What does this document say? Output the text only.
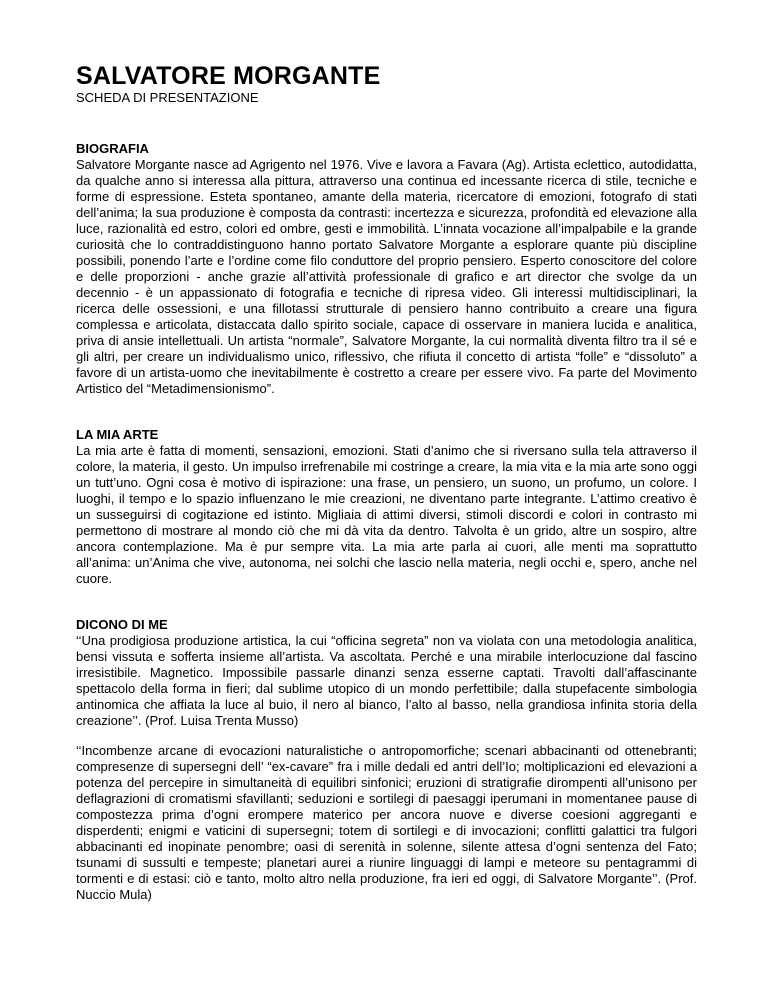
SALVATORE MORGANTE

SCHEDA DI PRESENTAZIONE

BIOGRAFIA

Salvatore Morgante nasce ad Agrigento nel 1976. Vive e lavora a Favara (Ag). Artista eclettico, autodidatta, da qualche anno si interessa alla pittura, attraverso una continua ed incessante ricerca di stile, tecniche e forme di espressione. Esteta spontaneo, amante della materia, ricercatore di emozioni, fotografo di stati dell’anima; la sua produzione è composta da contrasti: incertezza e sicurezza, profondità ed elevazione alla luce, razionalità ed estro, colori ed ombre, gesti e immobilità. L’innata vocazione all’impalpabile e la grande curiosità che lo contraddistinguono hanno portato Salvatore Morgante a esplorare quante più discipline possibili, ponendo l’arte e l’ordine come filo conduttore del proprio pensiero. Esperto conoscitore del colore e delle proporzioni - anche grazie all’attività professionale di grafico e art director che svolge da un decennio - è un appassionato di fotografia e tecniche di ripresa video. Gli interessi multidisciplinari, la ricerca delle ossessioni, e una fillotassi strutturale di pensiero hanno contribuito a creare una figura complessa e articolata, distaccata dallo spirito sociale, capace di osservare in maniera lucida e analitica, priva di ansie intellettuali. Un artista “normale”, Salvatore Morgante, la cui normalità diventa filtro tra il sé e gli altri, per creare un individualismo unico, riflessivo, che rifiuta il concetto di artista “folle” e “dissoluto” a favore di un artista-uomo che inevitabilmente è costretto a creare per essere vivo. Fa parte del Movimento Artistico del “Metadimensionismo”.

LA MIA ARTE

La mia arte è fatta di momenti, sensazioni, emozioni. Stati d’animo che si riversano sulla tela attraverso il colore, la materia, il gesto. Un impulso irrefrenabile mi costringe a creare, la mia vita e la mia arte sono oggi un tutt’uno. Ogni cosa è motivo di ispirazione: una frase, un pensiero, un suono, un profumo, un colore. I luoghi, il tempo e lo spazio influenzano le mie creazioni, ne diventano parte integrante. L’attimo creativo è un susseguirsi di cogitazione ed istinto. Migliaia di attimi diversi, stimoli discordi e colori in contrasto mi permettono di mostrare al mondo ciò che mi dà vita da dentro. Talvolta è un grido, altre un sospiro, altre ancora contemplazione. Ma è pur sempre vita. La mia arte parla ai cuori, alle menti ma soprattutto all’anima: un’Anima che vive, autonoma, nei solchi che lascio nella materia, negli occhi e, spero, anche nel cuore.

DICONO DI ME

‘‘Una prodigiosa produzione artistica, la cui “officina segreta” non va violata con una metodologia analitica, bensi vissuta e sofferta insieme all’artista. Va ascoltata. Perché e una mirabile interlocuzione dal fascino irresistibile. Magnetico. Impossibile passarle dinanzi senza esserne captati. Travolti dall’affascinante spettacolo della forma in fieri; dal sublime utopico di un mondo perfettibile; dalla stupefacente simbologia antinomica che affiata la luce al buio, il nero al bianco, l’alto al basso, nella grandiosa infinita storia della creazione’’. (Prof. Luisa Trenta Musso)

‘‘Incombenze arcane di evocazioni naturalistiche o antropomorfiche; scenari abbacinanti od ottenebranti; compresenze di supersegni dell’ “ex-cavare” fra i mille dedali ed antri dell’Io; moltiplicazioni ed elevazioni a potenza del percepire in simultaneità di equilibri sinfonici; eruzioni di stratigrafie dirompenti all’unisono per deflagrazioni di cromatismi sfavillanti; seduzioni e sortilegi di paesaggi iperumani in momentanee pause di compostezza prima d’ogni erompere materico per ancora nuove e diverse coesioni aggreganti e disperdenti; enigmi e vaticini di supersegni; totem di sortilegi e di invocazioni; conflitti galattici tra fulgori abbacinanti ed inopinate penombre; oasi di serenità in solenne, silente attesa d’ogni sentenza del Fato; tsunami di sussulti e tempeste; planetari aurei a riunire linguaggi di lampi e meteore su pentagrammi di tormenti e di estasi: ciò e tanto, molto altro nella produzione, fra ieri ed oggi, di Salvatore Morgante’’. (Prof. Nuccio Mula)
